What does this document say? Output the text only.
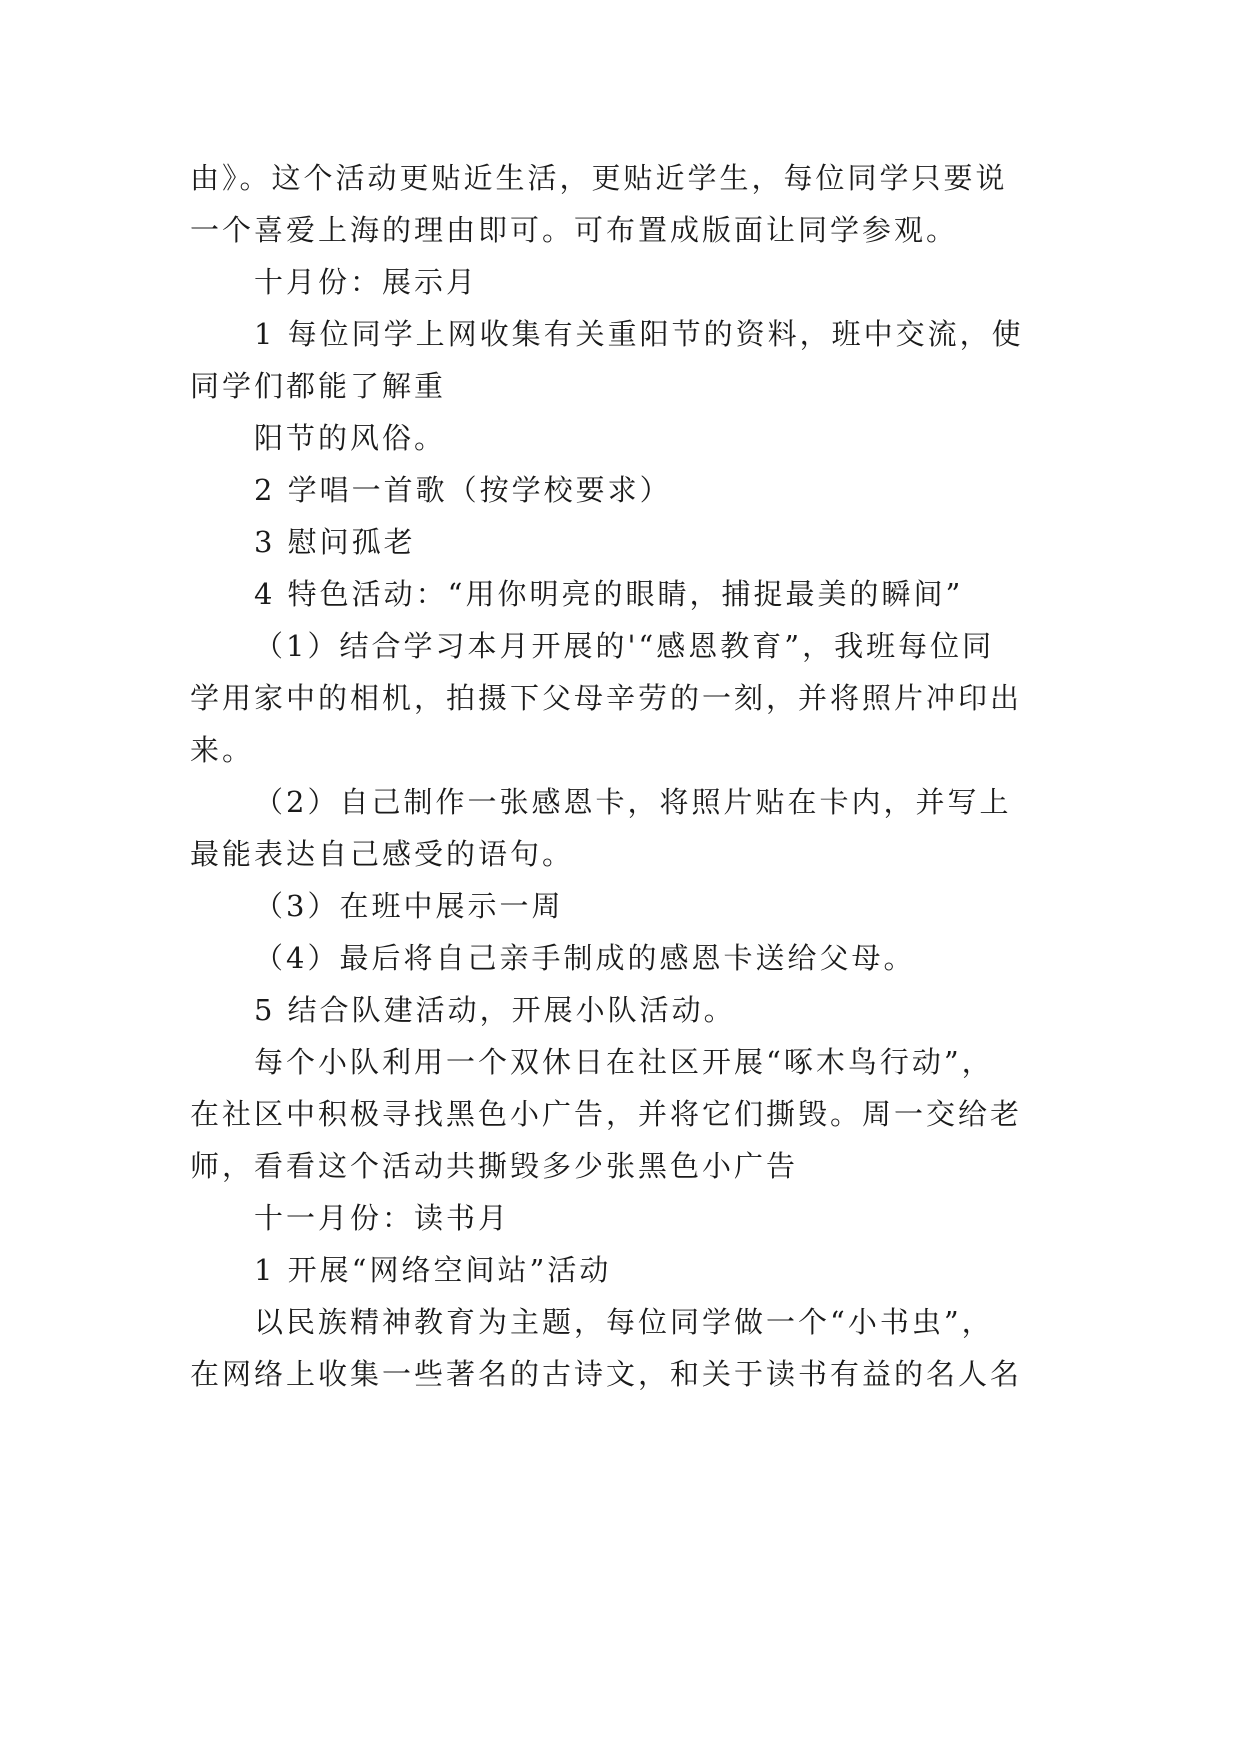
由》。这个活动更贴近生活，更贴近学生，每位同学只要说
一个喜爱上海的理由即可。可布置成版面让同学参观。
十月份：展示月
1 每位同学上网收集有关重阳节的资料，班中交流，使
同学们都能了解重
阳节的风俗。
2 学唱一首歌（按学校要求）
3 慰问孤老
4 特色活动：“用你明亮的眼睛，捕捉最美的瞬间”
（1）结合学习本月开展的'“感恩教育”，我班每位同
学用家中的相机，拍摄下父母辛劳的一刻，并将照片冲印出
来。
（2）自己制作一张感恩卡，将照片贴在卡内，并写上
最能表达自己感受的语句。
（3）在班中展示一周
（4）最后将自己亲手制成的感恩卡送给父母。
5 结合队建活动，开展小队活动。
每个小队利用一个双休日在社区开展“啄木鸟行动”，
在社区中积极寻找黑色小广告，并将它们撕毁。周一交给老
师，看看这个活动共撕毁多少张黑色小广告
十一月份：读书月
1 开展“网络空间站”活动
以民族精神教育为主题，每位同学做一个“小书虫”，
在网络上收集一些著名的古诗文，和关于读书有益的名人名
